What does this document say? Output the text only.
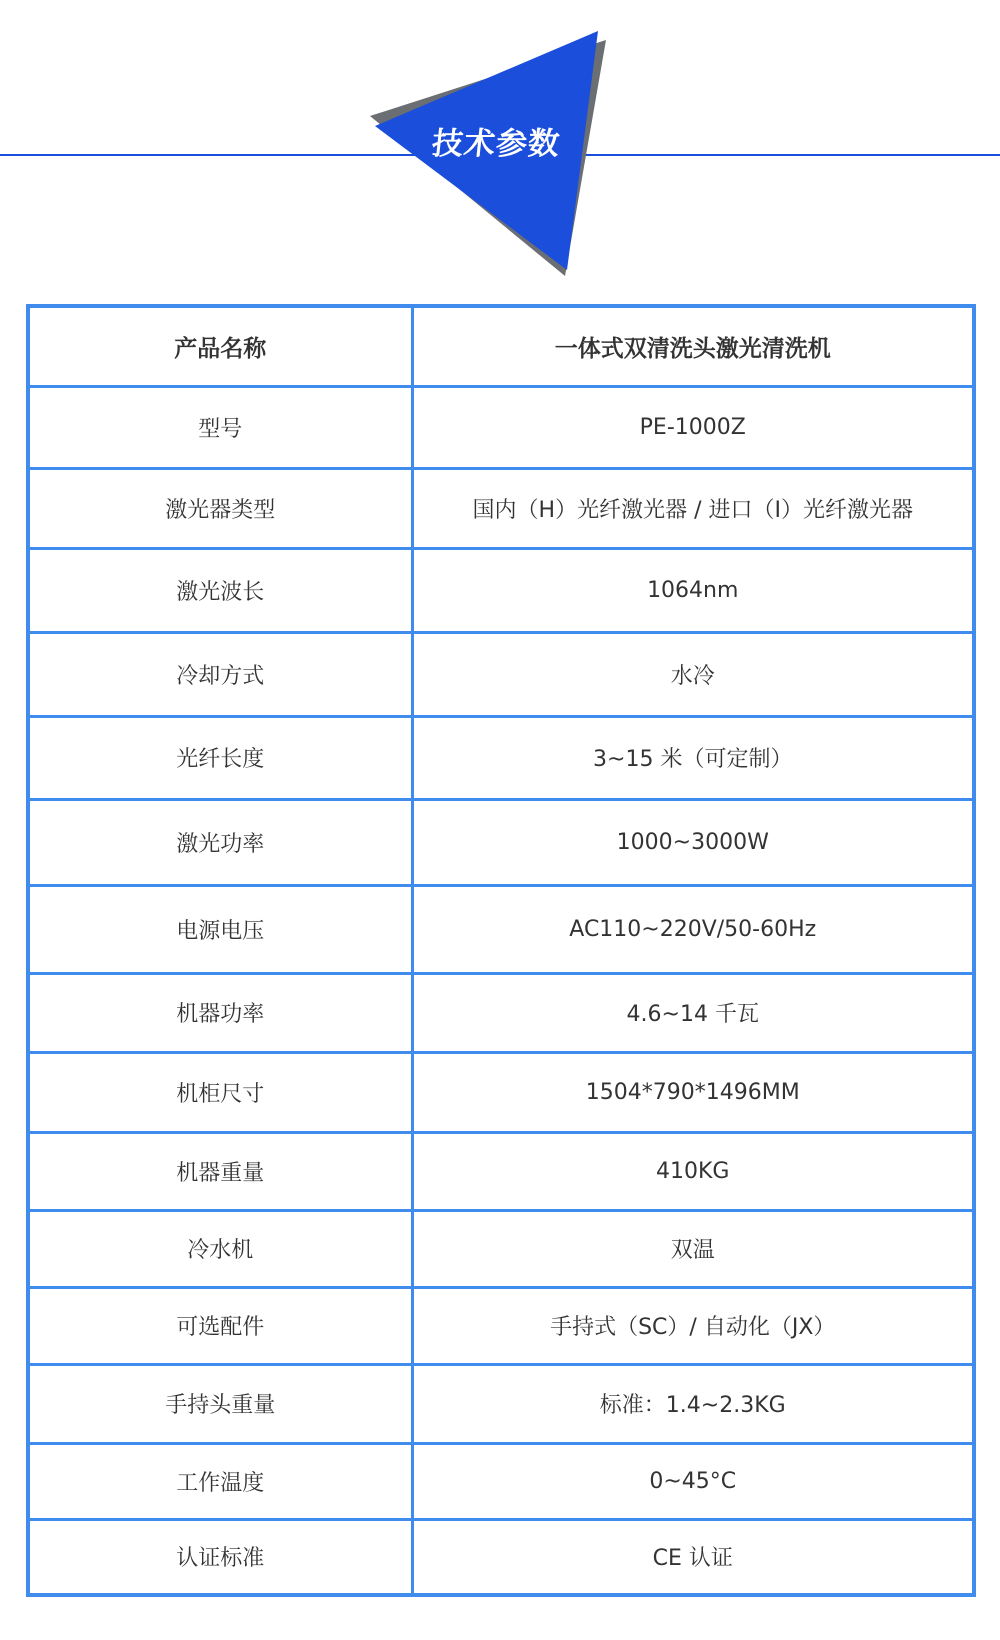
技术参数
产品名称	一体式双清洗头激光清洗机
型号	PE-1000Z
激光器类型	国内（H）光纤激光器 / 进口（I）光纤激光器
激光波长	1064nm
冷却方式	水冷
光纤长度	3~15 米（可定制）
激光功率	1000~3000W
电源电压	AC110~220V/50-60Hz
机器功率	4.6~14 千瓦
机柜尺寸	1504*790*1496MM
机器重量	410KG
冷水机	双温
可选配件	手持式（SC）/ 自动化（JX）
手持头重量	标准：1.4~2.3KG
工作温度	0~45°C
认证标准	CE 认证
